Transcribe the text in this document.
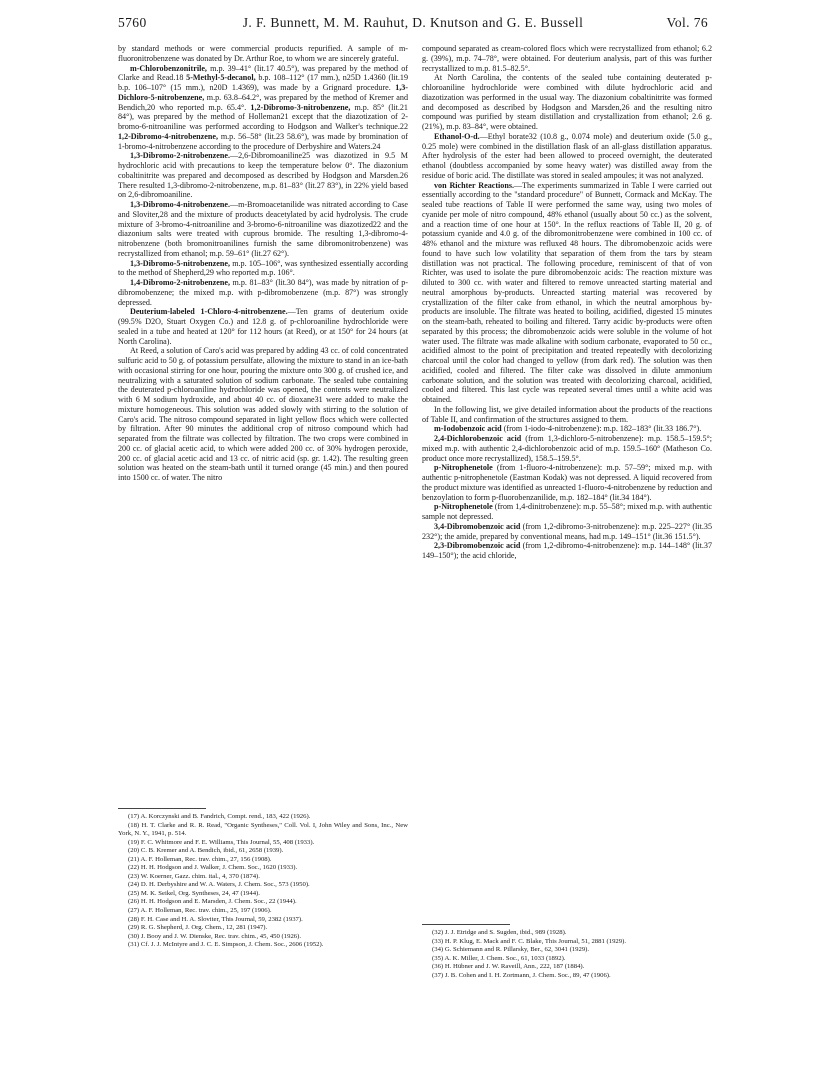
5760	J. F. Bunnett, M. M. Rauhut, D. Knutson and G. E. Bussell	Vol. 76

by standard methods or were commercial products repurified. A sample of m-fluoronitrobenzene was donated by Dr. Arthur Roe, to whom we are sincerely grateful.

m-Chlorobenzonitrile, m.p. 39–41° (lit.17 40.5°), was prepared by the method of Clarke and Read.18 5-Methyl-5-decanol, b.p. 108–112° (17 mm.), n25D 1.4360 (lit.19 b.p. 106–107° (15 mm.), n20D 1.4369), was made by a Grignard procedure. 1,3-Dichloro-5-nitrobenzene, m.p. 63.8–64.2°, was prepared by the method of Kremer and Bendich,20 who reported m.p. 65.4°. 1,2-Dibromo-3-nitrobenzene, m.p. 85° (lit.21 84°), was prepared by the method of Holleman21 except that the diazotization of 2-bromo-6-nitroaniline was performed according to Hodgson and Walker's technique.22 1,2-Dibromo-4-nitrobenzene, m.p. 56–58° (lit.23 58.6°), was made by bromination of 1-bromo-4-nitrobenzene according to the procedure of Derbyshire and Waters.24

1,3-Dibromo-2-nitrobenzene.—2,6-Dibromoaniline25 was diazotized in 9.5 M hydrochloric acid with precautions to keep the temperature below 0°. The diazonium cobaltinitrite was prepared and decomposed as described by Hodgson and Marsden.26 There resulted 1,3-dibromo-2-nitrobenzene, m.p. 81–83° (lit.27 83°), in 22% yield based on 2,6-dibromoaniline.

1,3-Dibromo-4-nitrobenzene.—m-Bromoacetanilide was nitrated according to Case and Sloviter,28 and the mixture of products deacetylated by acid hydrolysis. The crude mixture of 3-bromo-4-nitroaniline and 3-bromo-6-nitroaniline was diazotized22 and the diazonium salts were treated with cuprous bromide. The resulting 1,3-dibromo-4-nitrobenzene (both bromonitroanilines furnish the same dibromonitrobenzene) was recrystallized from ethanol; m.p. 59–61° (lit.27 62°).

1,3-Dibromo-5-nitrobenzene, m.p. 105–106°, was synthesized essentially according to the method of Shepherd,29 who reported m.p. 106°.

1,4-Dibromo-2-nitrobenzene, m.p. 81–83° (lit.30 84°), was made by nitration of p-dibromobenzene; the mixed m.p. with p-dibromobenzene (m.p. 87°) was strongly depressed.

Deuterium-labeled 1-Chloro-4-nitrobenzene.—Ten grams of deuterium oxide (99.5% D2O, Stuart Oxygen Co.) and 12.8 g. of p-chloroaniline hydrochloride were sealed in a tube and heated at 120° for 112 hours (at Reed), or at 150° for 24 hours (at North Carolina).

At Reed, a solution of Caro's acid was prepared by adding 43 cc. of cold concentrated sulfuric acid to 50 g. of potassium persulfate, allowing the mixture to stand in an ice-bath with occasional stirring for one hour, pouring the mixture onto 300 g. of crushed ice, and neutralizing with a saturated solution of sodium carbonate. The sealed tube containing the deuterated p-chloroaniline hydrochloride was opened, the contents were neutralized with 6 M sodium hydroxide, and about 40 cc. of dioxane31 were added to make the mixture homogeneous. This solution was added slowly with stirring to the solution of Caro's acid. The nitroso compound separated in light yellow flocs which were collected by filtration. After 90 minutes the additional crop of nitroso compound which had separated from the filtrate was collected by filtration. The two crops were combined in 200 cc. of glacial acetic acid, to which were added 200 cc. of 30% hydrogen peroxide, 200 cc. of glacial acetic acid and 13 cc. of nitric acid (sp. gr. 1.42). The resulting green solution was heated on the steam-bath until it turned orange (45 min.) and then poured into 1500 cc. of water. The nitro

(17) A. Korczynski and B. Fandrich, Compt. rend., 183, 422 (1926).
(18) H. T. Clarke and R. R. Read, "Organic Syntheses," Coll. Vol. I, John Wiley and Sons, Inc., New York, N. Y., 1941, p. 514.
(19) F. C. Whitmore and F. E. Williams, This Journal, 55, 408 (1933).
(20) C. B. Kremer and A. Bendich, ibid., 61, 2658 (1939).
(21) A. F. Holleman, Rec. trav. chim., 27, 156 (1908).
(22) H. H. Hodgson and J. Walker, J. Chem. Soc., 1620 (1933).
(23) W. Koerner, Gazz. chim. ital., 4, 370 (1874).
(24) D. H. Derbyshire and W. A. Waters, J. Chem. Soc., 573 (1950).
(25) M. K. Seikel, Org. Syntheses, 24, 47 (1944).
(26) H. H. Hodgson and E. Marsden, J. Chem. Soc., 22 (1944).
(27) A. F. Holleman, Rec. trav. chim., 25, 197 (1906).
(28) F. H. Case and H. A. Sloviter, This Journal, 59, 2382 (1937).
(29) R. G. Shepherd, J. Org. Chem., 12, 281 (1947).
(30) J. Booy and J. W. Dienske, Rec. trav. chim., 45, 450 (1926).
(31) Cf. J. J. McIntyre and J. C. E. Simpson, J. Chem. Soc., 2606 (1952).

compound separated as cream-colored flocs which were recrystallized from ethanol; 6.2 g. (39%), m.p. 74–78°, were obtained. For deuterium analysis, part of this was further recrystallized to m.p. 81.5–82.5°.

At North Carolina, the contents of the sealed tube containing deuterated p-chloroaniline hydrochloride were combined with dilute hydrochloric acid and diazotization was performed in the usual way. The diazonium cobaltinitrite was formed and decomposed as described by Hodgson and Marsden,26 and the resulting nitro compound was purified by steam distillation and crystallization from ethanol; 2.6 g. (21%), m.p. 83–84°, were obtained.

Ethanol-O-d.—Ethyl borate32 (10.8 g., 0.074 mole) and deuterium oxide (5.0 g., 0.25 mole) were combined in the distillation flask of an all-glass distillation apparatus. After hydrolysis of the ester had been allowed to proceed overnight, the deuterated ethanol (doubtless accompanied by some heavy water) was distilled away from the residue of boric acid. The distillate was stored in sealed ampoules; it was not analyzed.

von Richter Reactions.—The experiments summarized in Table I were carried out essentially according to the "standard procedure" of Bunnett, Cormack and McKay. The sealed tube reactions of Table II were performed the same way, using two moles of cyanide per mole of nitro compound, 48% ethanol (usually about 50 cc.) as the solvent, and a reaction time of one hour at 150°. In the reflux reactions of Table II, 20 g. of potassium cyanide and 4.0 g. of the dibromonitrobenzene were combined in 100 cc. of 48% ethanol and the mixture was refluxed 48 hours. The dibromobenzoic acids were found to have such low volatility that separation of them from the tars by steam distillation was not practical. The following procedure, reminiscent of that of von Richter, was used to isolate the pure dibromobenzoic acids: The reaction mixture was diluted to 300 cc. with water and filtered to remove unreacted starting material and neutral amorphous by-products. Unreacted starting material was recovered by crystallization of the filter cake from ethanol, in which the neutral amorphous by-products are insoluble. The filtrate was heated to boiling, acidified, digested 15 minutes on the steam-bath, reheated to boiling and filtered. Tarry acidic by-products were often separated by this process; the dibromobenzoic acids were soluble in the volume of hot water used. The filtrate was made alkaline with sodium carbonate, evaporated to 50 cc., acidified almost to the point of precipitation and treated repeatedly with decolorizing charcoal until the color had changed to yellow (from dark red). The solution was then acidified, cooled and filtered. The filter cake was dissolved in dilute ammonium carbonate solution, and the solution was treated with decolorizing charcoal, acidified, cooled and filtered. This last cycle was repeated several times until a white acid was obtained.

In the following list, we give detailed information about the products of the reactions of Table II, and confirmation of the structures assigned to them.

m-Iodobenzoic acid (from 1-iodo-4-nitrobenzene): m.p. 182–183° (lit.33 186.7°).

2,4-Dichlorobenzoic acid (from 1,3-dichloro-5-nitrobenzene): m.p. 158.5–159.5°; mixed m.p. with authentic 2,4-dichlorobenzoic acid of m.p. 159.5–160° (Matheson Co. product once more recrystallized), 158.5–159.5°.

p-Nitrophenetole (from 1-fluoro-4-nitrobenzene): m.p. 57–59°; mixed m.p. with authentic p-nitrophenetole (Eastman Kodak) was not depressed. A liquid recovered from the product mixture was identified as unreacted 1-fluoro-4-nitrobenzene by reduction and benzoylation to form p-fluorobenzanilide, m.p. 182–184° (lit.34 184°).

p-Nitrophenetole (from 1,4-dinitrobenzene): m.p. 55–58°; mixed m.p. with authentic sample not depressed.

3,4-Dibromobenzoic acid (from 1,2-dibromo-3-nitrobenzene): m.p. 225–227° (lit.35 232°); the amide, prepared by conventional means, had m.p. 149–151° (lit.36 151.5°).

2,3-Dibromobenzoic acid (from 1,2-dibromo-4-nitrobenzene): m.p. 144–148° (lit.37 149–150°); the acid chloride,

(32) J. J. Etridge and S. Sugden, ibid., 989 (1928).
(33) H. P. Klug, E. Mack and F. C. Blake, This Journal, 51, 2881 (1929).
(34) G. Schiemann and R. Pillarsky, Ber., 62, 3041 (1929).
(35) A. K. Miller, J. Chem. Soc., 61, 1033 (1892).
(36) H. Hübner and J. W. Raveill, Ann., 222, 187 (1884).
(37) J. B. Cohen and I. H. Zortmann, J. Chem. Soc., 89, 47 (1906).
